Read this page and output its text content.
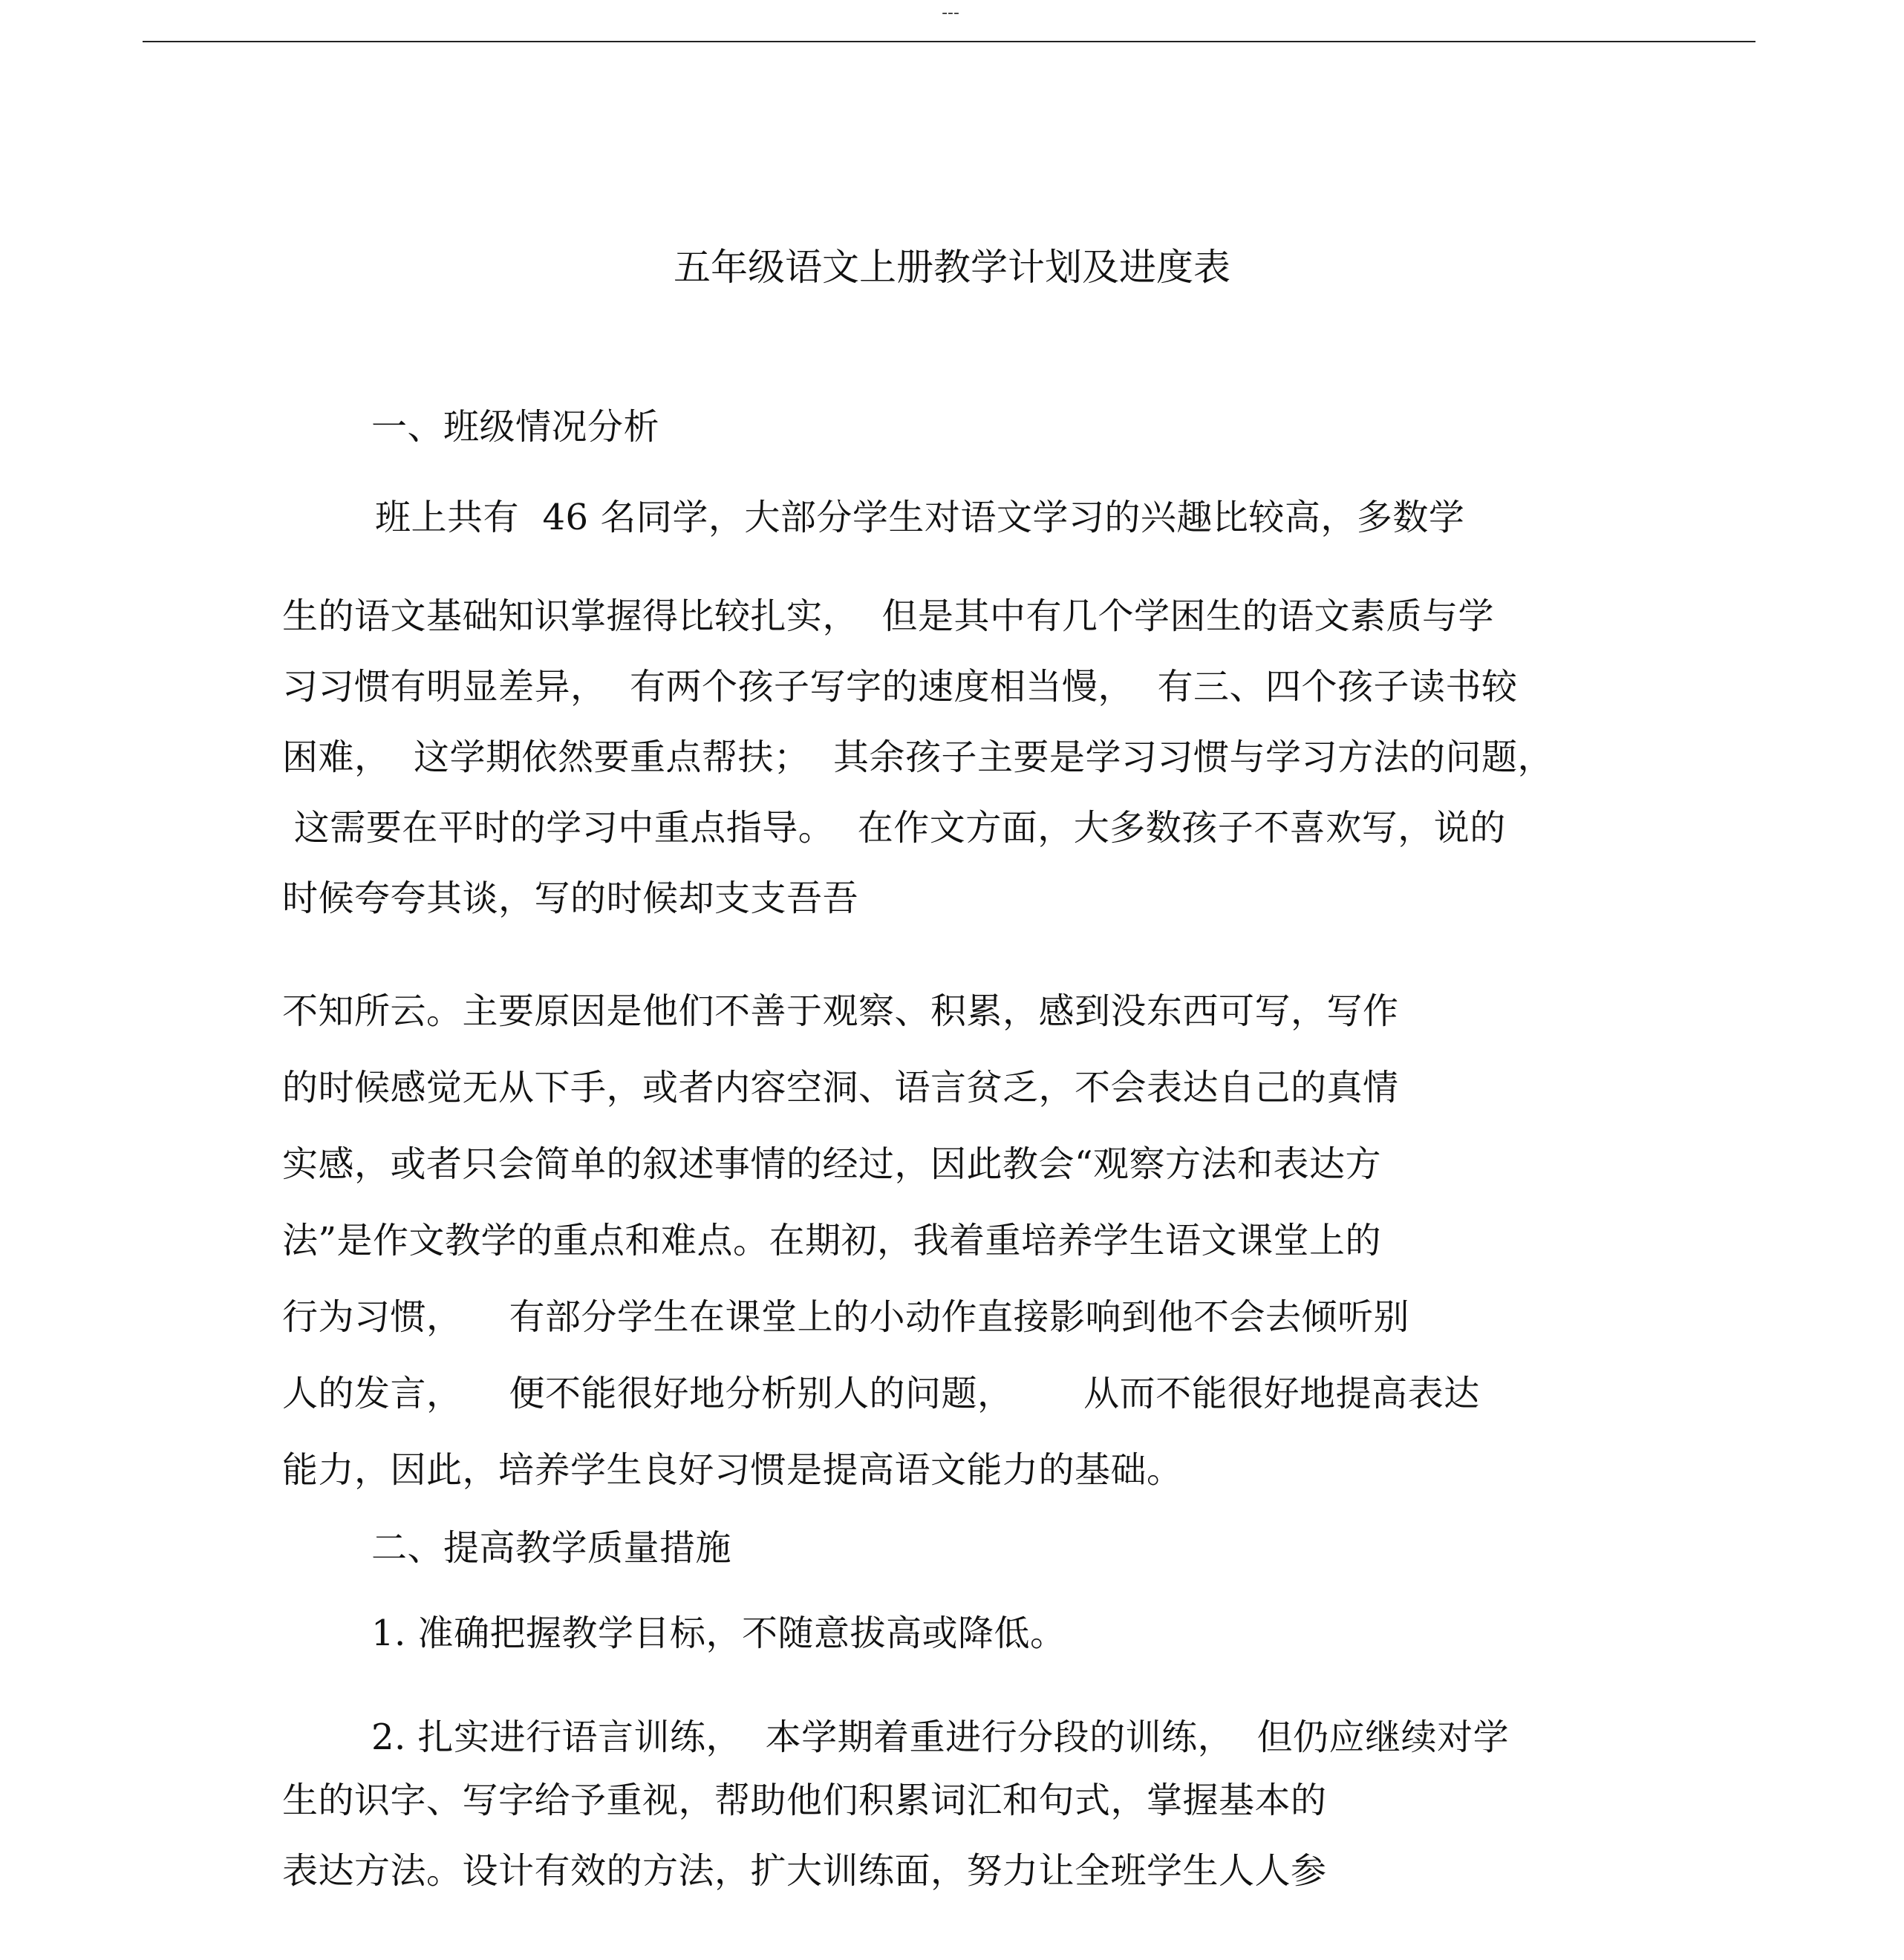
---
五年级语文上册教学计划及进度表
一、班级情况分析
班上共有  46 名同学，大部分学生对语文学习的兴趣比较高，多数学
生的语文基础知识掌握得比较扎实，  但是其中有几个学困生的语文素质与学
习习惯有明显差异，  有两个孩子写字的速度相当慢，  有三、四个孩子读书较
困难，  这学期依然要重点帮扶；  其余孩子主要是学习习惯与学习方法的问题，
这需要在平时的学习中重点指导。  在作文方面，大多数孩子不喜欢写，说的
时候夸夸其谈，写的时候却支支吾吾
不知所云。主要原因是他们不善于观察、积累，感到没东西可写，写作
的时候感觉无从下手，或者内容空洞、语言贫乏，不会表达自己的真情
实感，或者只会简单的叙述事情的经过，因此教会“观察方法和表达方
法”是作文教学的重点和难点。在期初，我着重培养学生语文课堂上的
行为习惯，    有部分学生在课堂上的小动作直接影响到他不会去倾听别
人的发言，    便不能很好地分析别人的问题，      从而不能很好地提高表达
能力，因此，培养学生良好习惯是提高语文能力的基础。
二、提高教学质量措施
1. 准确把握教学目标，不随意拔高或降低。
2. 扎实进行语言训练，  本学期着重进行分段的训练，  但仍应继续对学
生的识字、写字给予重视，帮助他们积累词汇和句式，掌握基本的
表达方法。设计有效的方法，扩大训练面，努力让全班学生人人参
